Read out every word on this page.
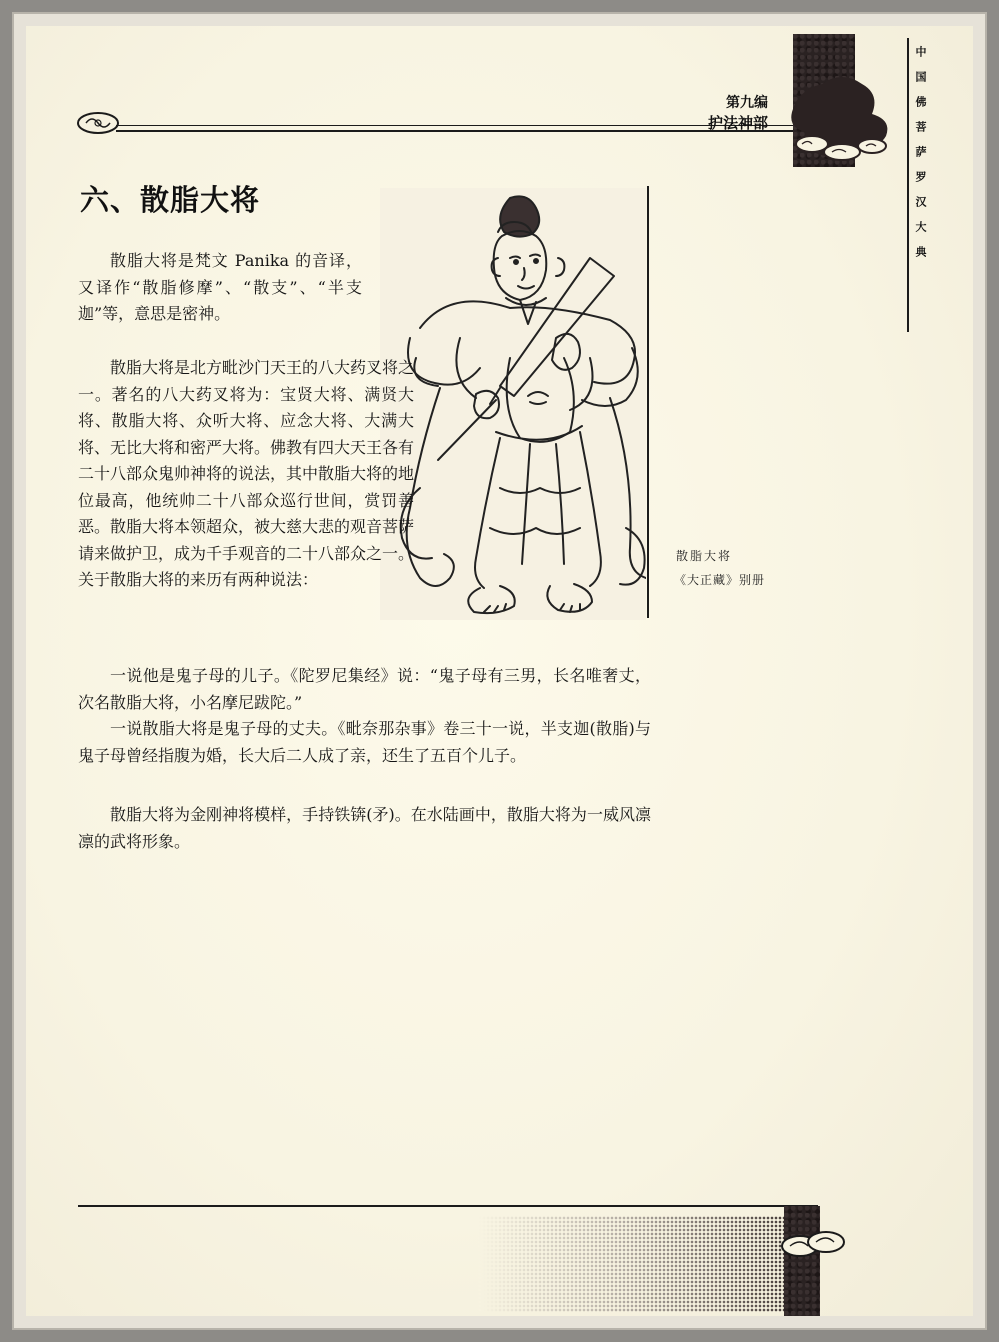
第九编
护法神部	中国佛菩萨罗汉大典
六、散脂大将
散脂大将
《大正藏》别册

散脂大将是梵文 Panika 的音译，又译作“散脂修摩”、“散支”、“半支迦”等，意思是密神。

散脂大将是北方毗沙门天王的八大药叉将之一。著名的八大药叉将为：宝贤大将、满贤大将、散脂大将、众听大将、应念大将、大满大将、无比大将和密严大将。佛教有四大天王各有二十八部众鬼帅神将的说法，其中散脂大将的地位最高，他统帅二十八部众巡行世间，赏罚善恶。散脂大将本领超众，被大慈大悲的观音菩萨请来做护卫，成为千手观音的二十八部众之一。关于散脂大将的来历有两种说法：

一说他是鬼子母的儿子。《陀罗尼集经》说：“鬼子母有三男，长名唯奢丈，次名散脂大将，小名摩尼跋陀。”

一说散脂大将是鬼子母的丈夫。《毗奈那杂事》卷三十一说，半支迦(散脂)与鬼子母曾经指腹为婚，长大后二人成了亲，还生了五百个儿子。

散脂大将为金刚神将模样，手持铁锛(矛)。在水陆画中，散脂大将为一威风凛凛的武将形象。
